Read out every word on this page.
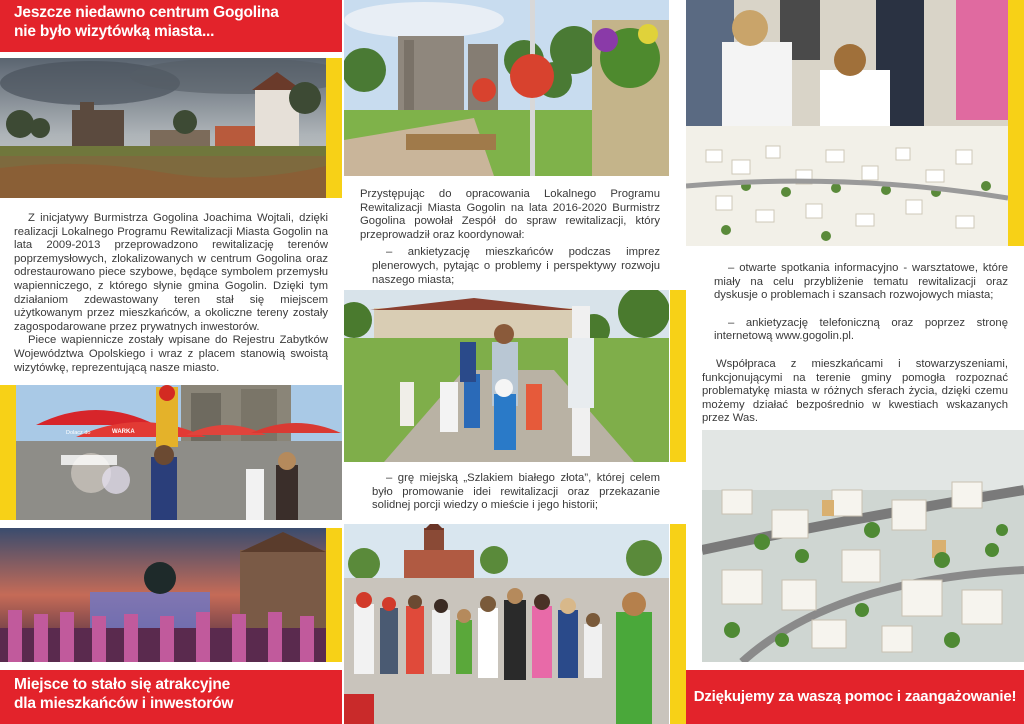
Jeszcze niedawno centrum Gogolina
nie było wizytówką miasta...

Z inicjatywy Burmistrza Gogolina Joachima Wojtali, dzięki realizacji Lokalnego Programu Rewitalizacji Miasta Gogolin na lata 2009-2013 przeprowadzono rewitalizację terenów poprzemysłowych, zlokalizowanych w centrum Gogolina oraz odrestaurowano piece szybowe, będące symbolem przemysłu wapienniczego, z którego słynie gmina Gogolin. Dzięki tym działaniom zdewastowany teren stał się miejscem użytkowanym przez mieszkańców, a okoliczne tereny zostały zagospodarowane przez prywatnych inwestorów.

Piece wapiennicze zostały wpisane do Rejestru Zabytków Województwa Opolskiego i wraz z placem stanowią swoistą wizytówkę, reprezentującą nasze miasto.

Dolacz do	WARKA
Miejsce to stało się atrakcyjne
dla mieszkańców i inwestorów

Przystępując do opracowania Lokalnego Programu Rewitalizacji Miasta Gogolin na lata 2016-2020 Burmistrz Gogolina powołał Zespół do spraw rewitalizacji, który przeprowadził oraz koordynował:

– ankietyzację mieszkańców podczas imprez plenerowych, pytając o problemy i perspektywy rozwoju naszego miasta;

– grę miejską „Szlakiem białego złota”, której celem było promowanie idei rewitalizacji oraz przekazanie solidnej porcji wiedzy o mieście i jego historii;

– otwarte spotkania informacyjno - warsztatowe, które miały na celu przybliżenie tematu rewitalizacji oraz dyskusje o problemach i szansach rozwojowych miasta;

– ankietyzację telefoniczną oraz poprzez stronę internetową www.gogolin.pl.

Współpraca z mieszkańcami i stowarzyszeniami, funkcjonującymi na terenie gminy pomogła rozpoznać problematykę miasta w różnych sferach życia, dzięki czemu możemy działać bezpośrednio w kwestiach wskazanych przez Was.

Dziękujemy za waszą pomoc i zaangażowanie!
